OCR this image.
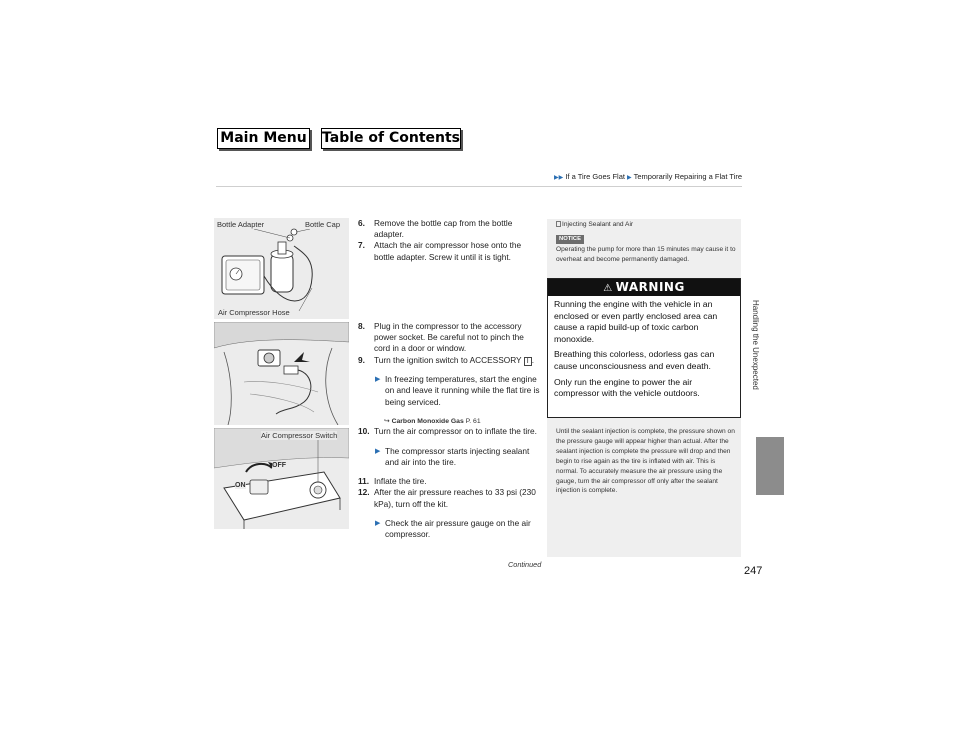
Main Menu Table of Contents
▶▶ If a Tire Goes Flat ▶ Temporarily Repairing a Flat Tire
Handling the Unexpected
Bottle Adapter	Bottle Cap
Air Compressor Hose
Air Compressor Switch
OFF
ON

6. Remove the bottle cap from the bottle adapter.

7. Attach the air compressor hose onto the bottle adapter. Screw it until it is tight.

8. Plug in the compressor to the accessory power socket. Be careful not to pinch the cord in a door or window.

9. Turn the ignition switch to ACCESSORY I .

▶ In freezing temperatures, start the engine on and leave it running while the flat tire is being serviced.

↪ Carbon Monoxide Gas P. 61

10. Turn the air compressor on to inflate the tire.

▶ The compressor starts injecting sealant and air into the tire.

11. Inflate the tire.

12. After the air pressure reaches to 33 psi (230 kPa), turn off the kit.

▶ Check the air pressure gauge on the air compressor.

Injecting Sealant and Air
NOTICE
Operating the pump for more than 15 minutes may cause it to overheat and become permanently damaged.
⚠ WARNING

Running the engine with the vehicle in an enclosed or even partly enclosed area can cause a rapid build-up of toxic carbon monoxide.

Breathing this colorless, odorless gas can cause unconsciousness and even death.

Only run the engine to power the air compressor with the vehicle outdoors.

Until the sealant injection is complete, the pressure shown on the pressure gauge will appear higher than actual. After the sealant injection is complete the pressure will drop and then begin to rise again as the tire is inflated with air. This is normal. To accurately measure the air pressure using the gauge, turn the air compressor off only after the sealant injection is complete.
Continued
247
